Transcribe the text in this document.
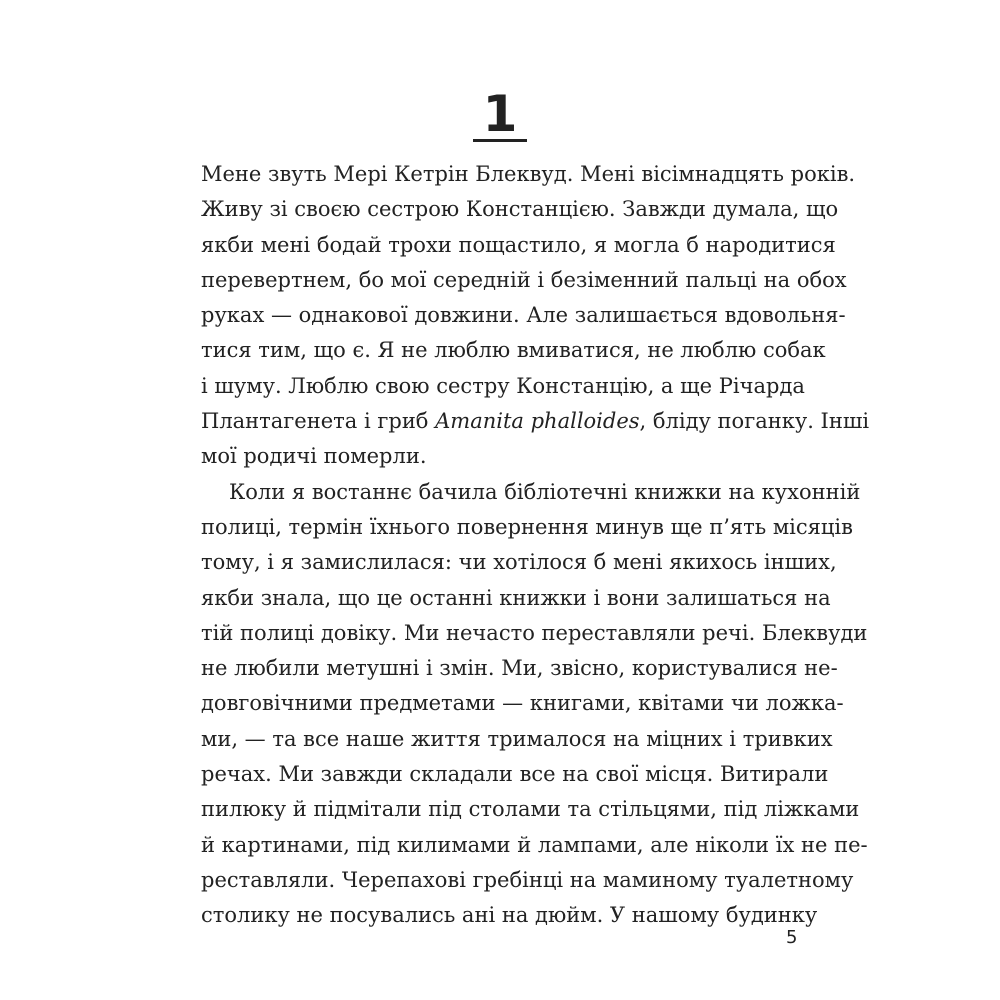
1
Мене звуть Мері Кетрін Блеквуд. Мені вісімнадцять років.
Живу зі своєю сестрою Констанцією. Завжди думала, що
якби мені бодай трохи пощастило, я могла б народитися
перевертнем, бо мої середній і безіменний пальці на обох
руках — однакової довжини. Але залишається вдовольня-
тися тим, що є. Я не люблю вмиватися, не люблю собак
і шуму. Люблю свою сестру Констанцію, а ще Річарда
Плантагенета і гриб Amanita phalloides, бліду поганку. Інші
мої родичі померли.
Коли я востаннє бачила бібліотечні книжки на кухонній
полиці, термін їхнього повернення минув ще п’ять місяців
тому, і я замислилася: чи хотілося б мені якихось інших,
якби знала, що це останні книжки і вони залишаться на
тій полиці довіку. Ми нечасто переставляли речі. Блеквуди
не любили метушні і змін. Ми, звісно, користувалися не-
довговічними предметами — книгами, квітами чи ложка-
ми, — та все наше життя трималося на міцних і тривких
речах. Ми завжди складали все на свої місця. Витирали
пилюку й підмітали під столами та стільцями, під ліжками
й картинами, під килимами й лампами, але ніколи їх не пе-
реставляли. Черепахові гребінці на маминому туалетному
столику не посувались ані на дюйм. У нашому будинку
5
